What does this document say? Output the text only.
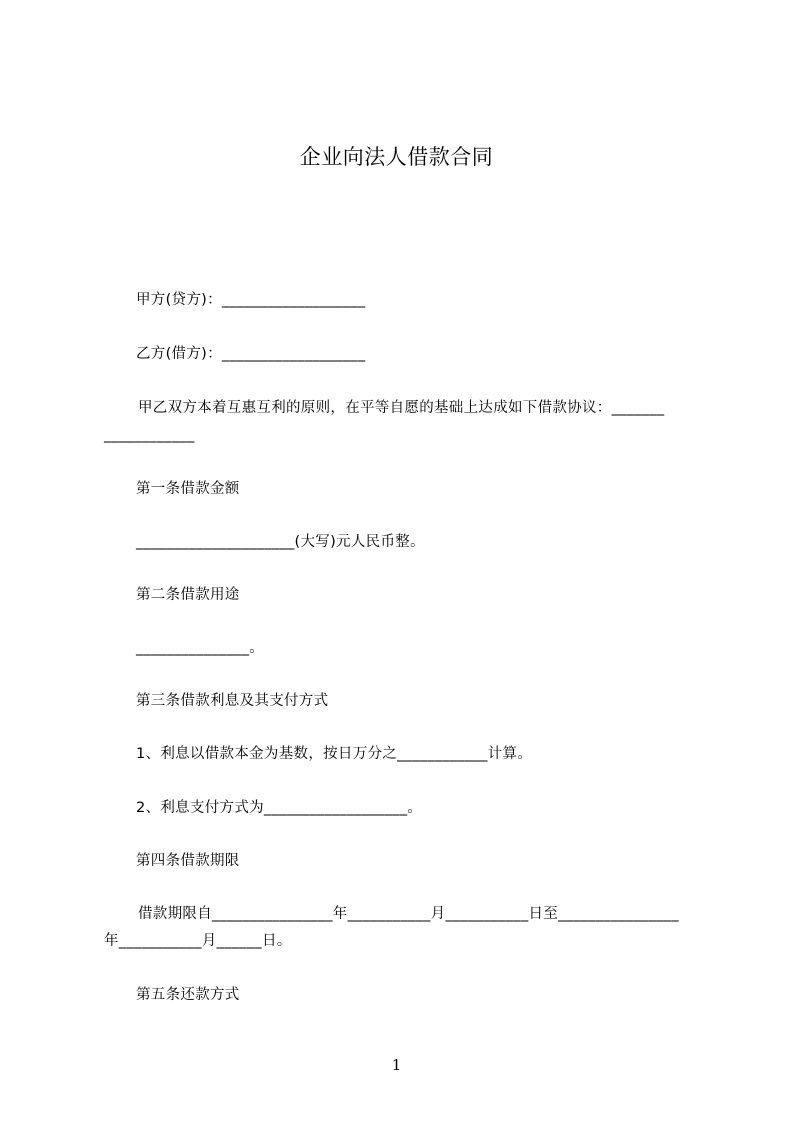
企业向法人借款合同
甲方(贷方)：___________________
乙方(借方)：___________________
甲乙双方本着互惠互利的原则，在平等自愿的基础上达成如下借款协议：_______
____________
第一条借款金额
_____________________(大写)元人民币整。
第二条借款用途
_______________。
第三条借款利息及其支付方式
1、利息以借款本金为基数，按日万分之____________计算。
2、利息支付方式为___________________。
第四条借款期限
借款期限自________________年___________月___________日至________________
年___________月______日。
第五条还款方式
1
